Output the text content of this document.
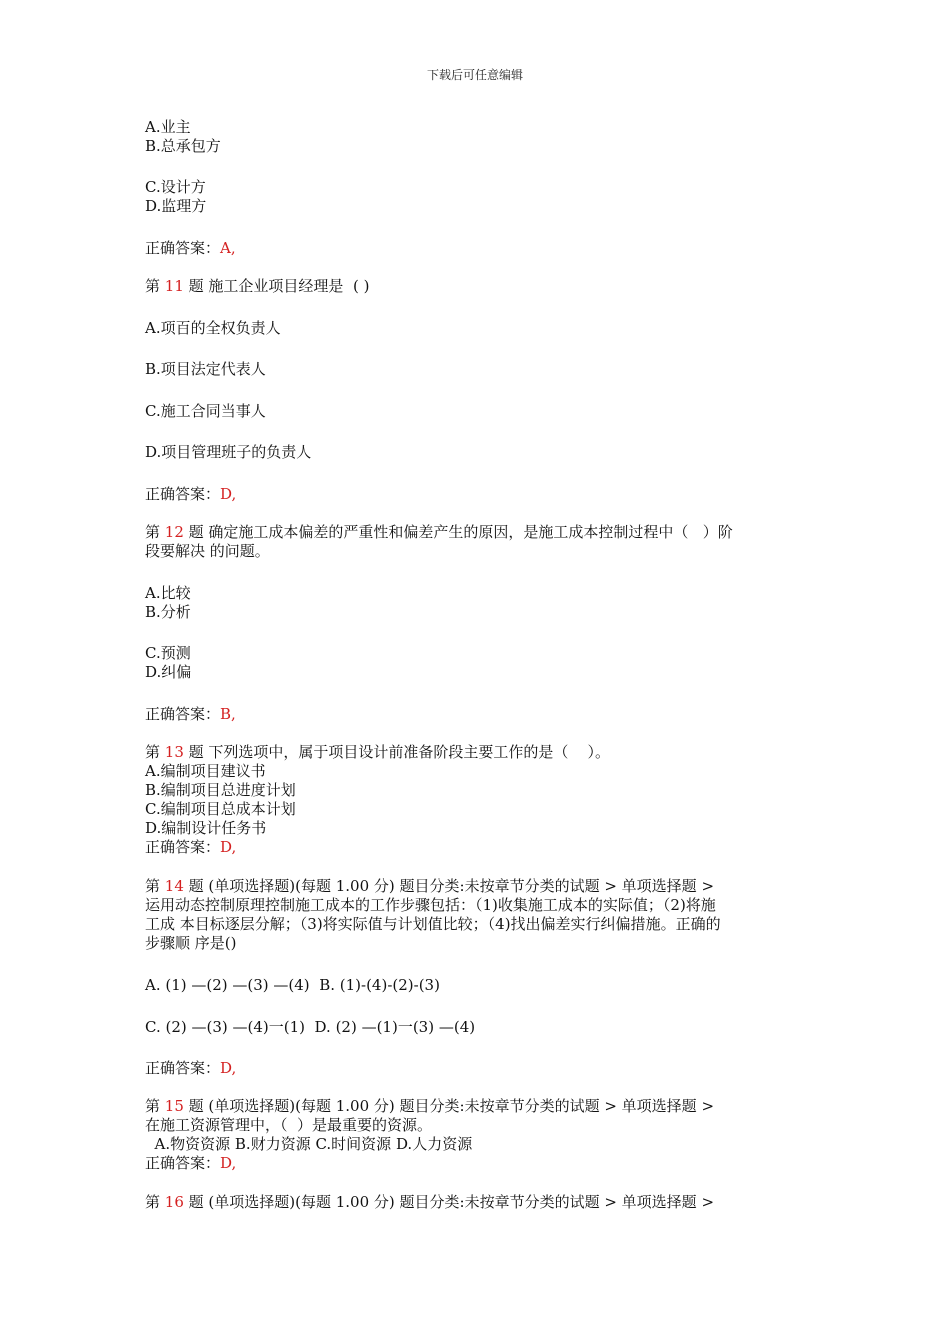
下载后可任意编辑
A.业主
B.总承包方
C.设计方
D.监理方
正确答案：A,
第 11 题 施工企业项目经理是  ( )
A.项百的全权负责人
B.项目法定代表人
C.施工合同当事人
D.项目管理班子的负责人
正确答案：D,
第 12 题 确定施工成本偏差的严重性和偏差产生的原因，是施工成本控制过程中（   ）阶
段要解决 的问题。
A.比较
B.分析
C.预测
D.纠偏
正确答案：B,
第 13 题 下列选项中，属于项目设计前准备阶段主要工作的是（    ）。
A.编制项目建议书
B.编制项目总进度计划
C.编制项目总成本计划
D.编制设计任务书
正确答案：D,
第 14 题 (单项选择题)(每题 1.00 分) 题目分类:未按章节分类的试题 > 单项选择题 >
运用动态控制原理控制施工成本的工作步骤包括：（1)收集施工成本的实际值；（2)将施
工成 本目标逐层分解；（3)将实际值与计划值比较；（4)找出偏差实行纠偏措施。正确的
步骤顺 序是()
A. (1) —(2) —(3) —(4)  B. (1)-(4)-(2)-(3)
C. (2) —(3) —(4)一(1)  D. (2) —(1)一(3) —(4)
正确答案：D,
第 15 题 (单项选择题)(每题 1.00 分) 题目分类:未按章节分类的试题 > 单项选择题 >
在施工资源管理中，（  ）是最重要的资源。
A.物资资源 B.财力资源 C.时间资源 D.人力资源
正确答案：D,
第 16 题 (单项选择题)(每题 1.00 分) 题目分类:未按章节分类的试题 > 单项选择题 >
